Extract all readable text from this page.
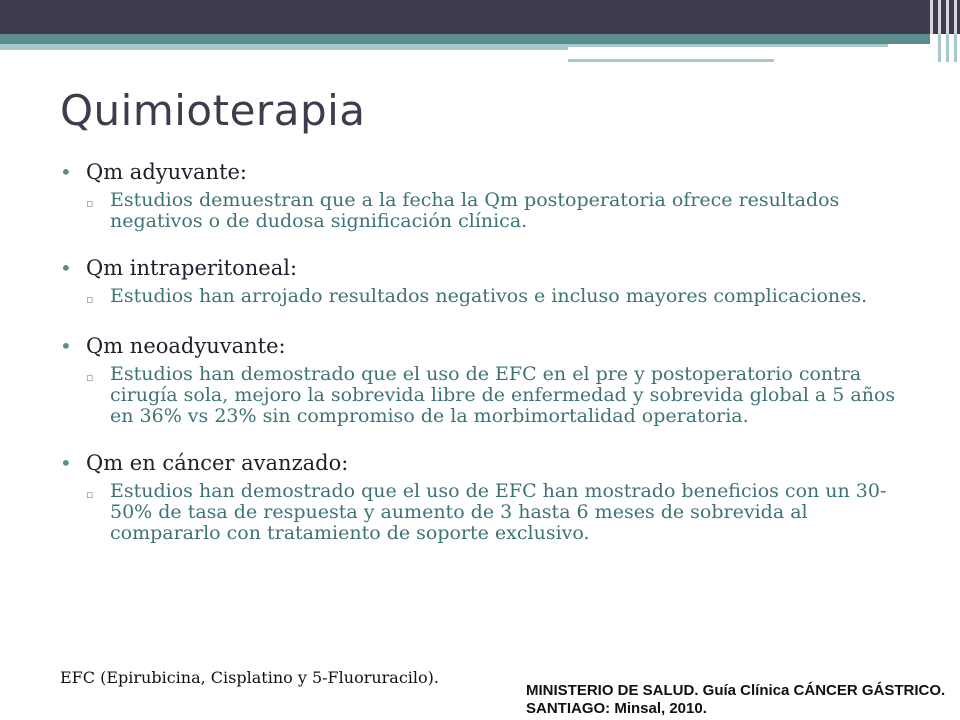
Quimioterapia
• Qm adyuvante:
▫ Estudios demuestran que a la fecha la Qm postoperatoria ofrece resultados negativos o de dudosa significación clínica.
• Qm intraperitoneal:
▫ Estudios han arrojado resultados negativos e incluso mayores complicaciones.
• Qm neoadyuvante:
▫ Estudios han demostrado que el uso de EFC en el pre y postoperatorio contra cirugía sola, mejoro la sobrevida libre de enfermedad y sobrevida global a 5 años en 36% vs 23% sin compromiso de la morbimortalidad operatoria.
• Qm en cáncer avanzado:
▫ Estudios han demostrado que el uso de EFC han mostrado beneficios con un 30-50% de tasa de respuesta y aumento de 3 hasta 6 meses de sobrevida al compararlo con tratamiento de soporte exclusivo.
EFC (Epirubicina, Cisplatino y 5-Fluoruracilo).
MINISTERIO DE SALUD. Guía Clínica CÁNCER GÁSTRICO.
SANTIAGO: Minsal, 2010.
